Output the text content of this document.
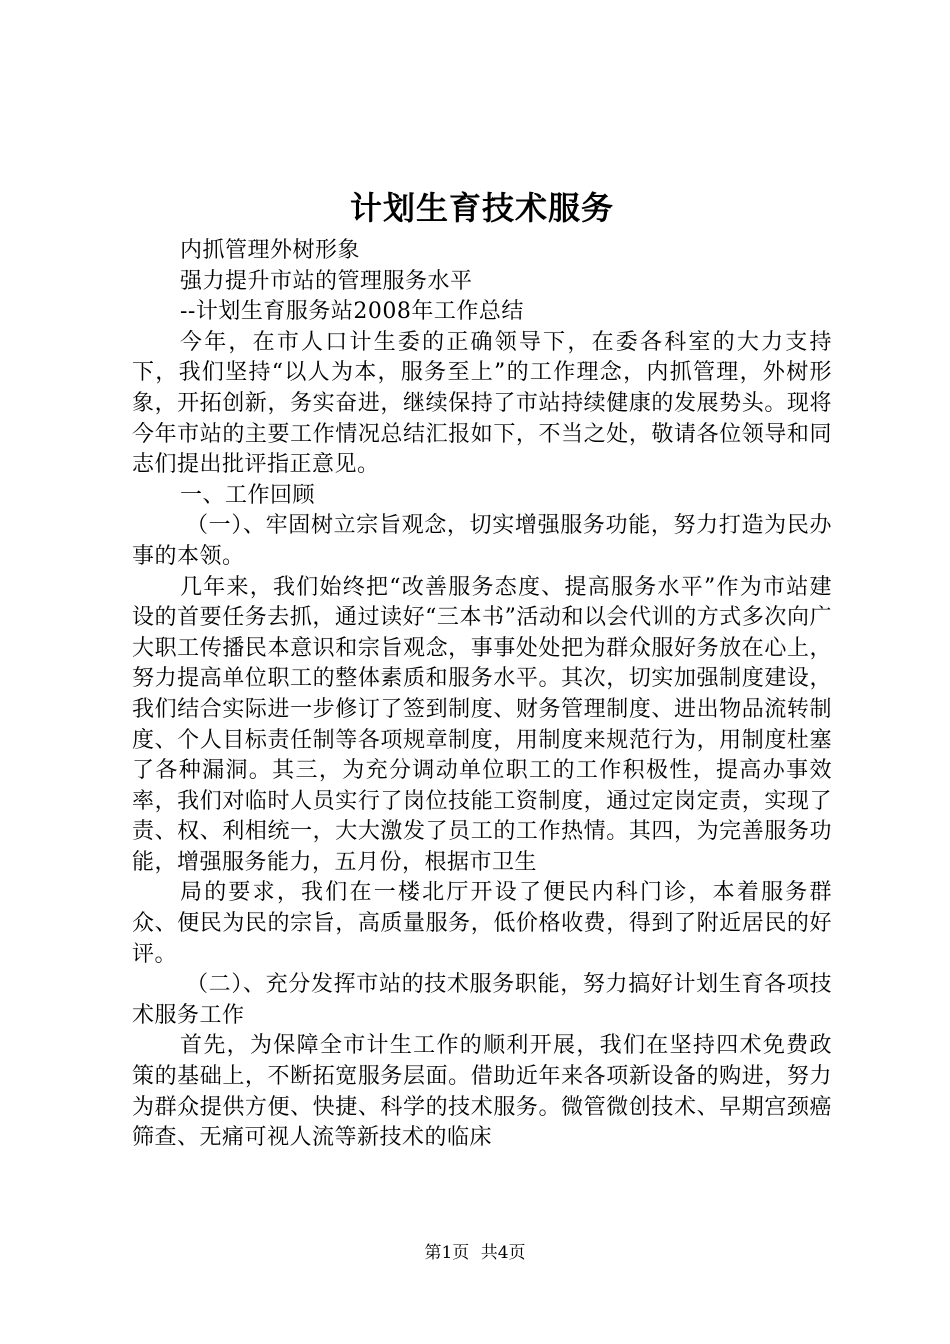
计划生育技术服务

内抓管理外树形象

强力提升市站的管理服务水平

--计划生育服务站2008年工作总结

今年，在市人口计生委的正确领导下，在委各科室的大力支持下，我们坚持“以人为本，服务至上”的工作理念，内抓管理，外树形象，开拓创新，务实奋进，继续保持了市站持续健康的发展势头。现将今年市站的主要工作情况总结汇报如下，不当之处，敬请各位领导和同志们提出批评指正意见。

一、工作回顾

（一）、牢固树立宗旨观念，切实增强服务功能，努力打造为民办事的本领。

几年来，我们始终把“改善服务态度、提高服务水平”作为市站建设的首要任务去抓，通过读好“三本书”活动和以会代训的方式多次向广大职工传播民本意识和宗旨观念，事事处处把为群众服好务放在心上，努力提高单位职工的整体素质和服务水平。其次，切实加强制度建设，我们结合实际进一步修订了签到制度、财务管理制度、进出物品流转制度、个人目标责任制等各项规章制度，用制度来规范行为，用制度杜塞了各种漏洞。其三，为充分调动单位职工的工作积极性，提高办事效率，我们对临时人员实行了岗位技能工资制度，通过定岗定责，实现了责、权、利相统一，大大激发了员工的工作热情。其四，为完善服务功能，增强服务能力，五月份，根据市卫生

局的要求，我们在一楼北厅开设了便民内科门诊，本着服务群众、便民为民的宗旨，高质量服务，低价格收费，得到了附近居民的好评。

（二）、充分发挥市站的技术服务职能，努力搞好计划生育各项技术服务工作

首先，为保障全市计生工作的顺利开展，我们在坚持四术免费政策的基础上，不断拓宽服务层面。借助近年来各项新设备的购进，努力为群众提供方便、快捷、科学的技术服务。微管微创技术、早期宫颈癌筛查、无痛可视人流等新技术的临床

第1页 共4页
